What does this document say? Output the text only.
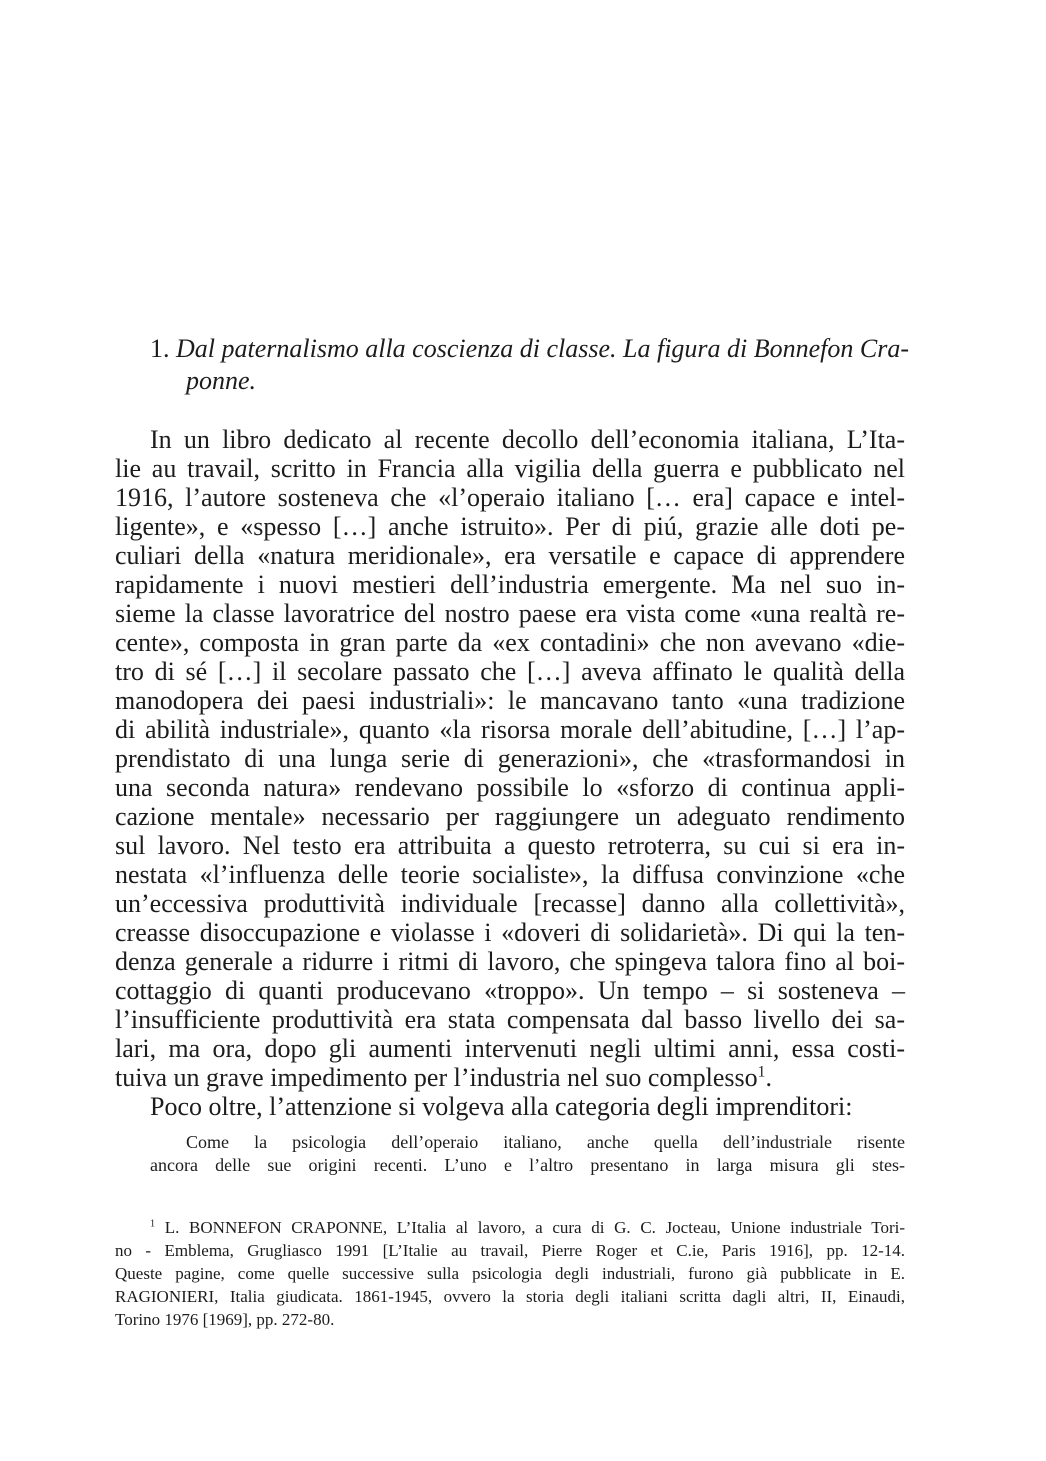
1. Dal paternalismo alla coscienza di classe. La figura di Bonnefon Cra-
ponne.
In un libro dedicato al recente decollo dell’economia italiana, L’Ita-
lie au travail, scritto in Francia alla vigilia della guerra e pubblicato nel
1916, l’autore sosteneva che «l’operaio italiano [… era] capace e intel-
ligente», e «spesso […] anche istruito». Per di piú, grazie alle doti pe-
culiari della «natura meridionale», era versatile e capace di apprendere
rapidamente i nuovi mestieri dell’industria emergente. Ma nel suo in-
sieme la classe lavoratrice del nostro paese era vista come «una realtà re-
cente», composta in gran parte da «ex contadini» che non avevano «die-
tro di sé […] il secolare passato che […] aveva affinato le qualità della
manodopera dei paesi industriali»: le mancavano tanto «una tradizione
di abilità industriale», quanto «la risorsa morale dell’abitudine, […] l’ap-
prendistato di una lunga serie di generazioni», che «trasformandosi in
una seconda natura» rendevano possibile lo «sforzo di continua appli-
cazione mentale» necessario per raggiungere un adeguato rendimento
sul lavoro. Nel testo era attribuita a questo retroterra, su cui si era in-
nestata «l’influenza delle teorie socialiste», la diffusa convinzione «che
un’eccessiva produttività individuale [recasse] danno alla collettività»,
creasse disoccupazione e violasse i «doveri di solidarietà». Di qui la ten-
denza generale a ridurre i ritmi di lavoro, che spingeva talora fino al boi-
cottaggio di quanti producevano «troppo». Un tempo – si sosteneva –
l’insufficiente produttività era stata compensata dal basso livello dei sa-
lari, ma ora, dopo gli aumenti intervenuti negli ultimi anni, essa costi-
tuiva un grave impedimento per l’industria nel suo complesso$^1$.
Poco oltre, l’attenzione si volgeva alla categoria degli imprenditori:
Come la psicologia dell’operaio italiano, anche quella dell’industriale risente
ancora delle sue origini recenti. L’uno e l’altro presentano in larga misura gli stes-
$^1$ L. BONNEFON CRAPONNE, L’Italia al lavoro, a cura di G. C. Jocteau, Unione industriale Tori-
no - Emblema, Grugliasco 1991 [L’Italie au travail, Pierre Roger et C.ie, Paris 1916], pp. 12-14.
Queste pagine, come quelle successive sulla psicologia degli industriali, furono già pubblicate in E.
RAGIONIERI, Italia giudicata. 1861-1945, ovvero la storia degli italiani scritta dagli altri, II, Einaudi,
Torino 1976 [1969], pp. 272-80.
